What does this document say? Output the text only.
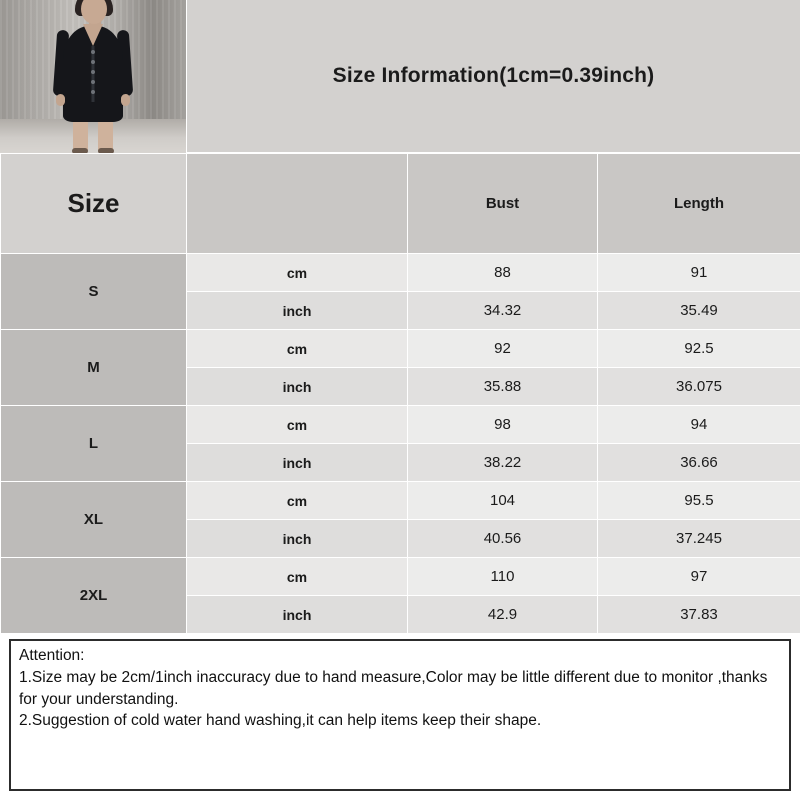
Size Information(1cm=0.39inch)
Size		Bust	Length
S	cm	88	91
	inch	34.32	35.49
M	cm	92	92.5
	inch	35.88	36.075
L	cm	98	94
	inch	38.22	36.66
XL	cm	104	95.5
	inch	40.56	37.245
2XL	cm	110	97
	inch	42.9	37.83

Attention:

1.Size may be 2cm/1inch inaccuracy due to hand measure,Color may be little different due to monitor ,thanks for your understanding.

2.Suggestion of cold water hand washing,it can help items keep their shape.
